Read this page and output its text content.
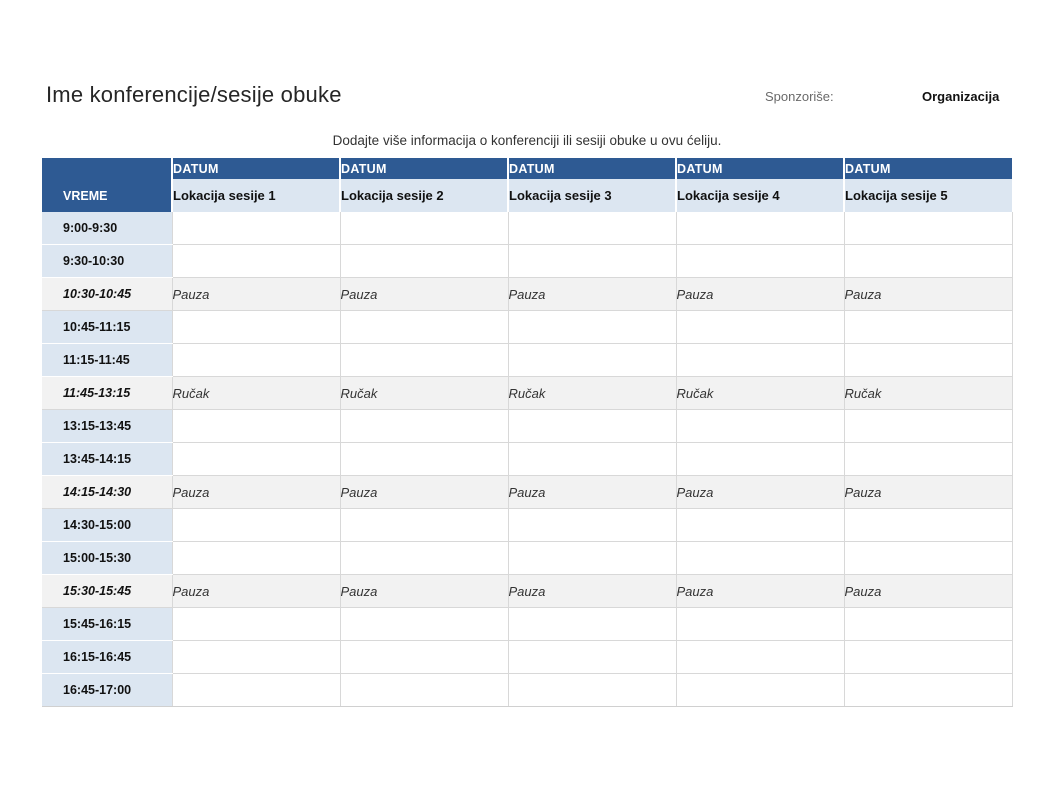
Ime konferencije/sesije obuke	Sponzoriše:	Organizacija
Dodajte više informacija o konferenciji ili sesiji obuke u ovu ćeliju.
	DATUM	DATUM	DATUM	DATUM	DATUM
VREME	Lokacija sesije 1	Lokacija sesije 2	Lokacija sesije 3	Lokacija sesije 4	Lokacija sesije 5
9:00-9:30					
9:30-10:30					
10:30-10:45	Pauza	Pauza	Pauza	Pauza	Pauza
10:45-11:15					
11:15-11:45					
11:45-13:15	Ručak	Ručak	Ručak	Ručak	Ručak
13:15-13:45					
13:45-14:15					
14:15-14:30	Pauza	Pauza	Pauza	Pauza	Pauza
14:30-15:00					
15:00-15:30					
15:30-15:45	Pauza	Pauza	Pauza	Pauza	Pauza
15:45-16:15					
16:15-16:45					
16:45-17:00					
